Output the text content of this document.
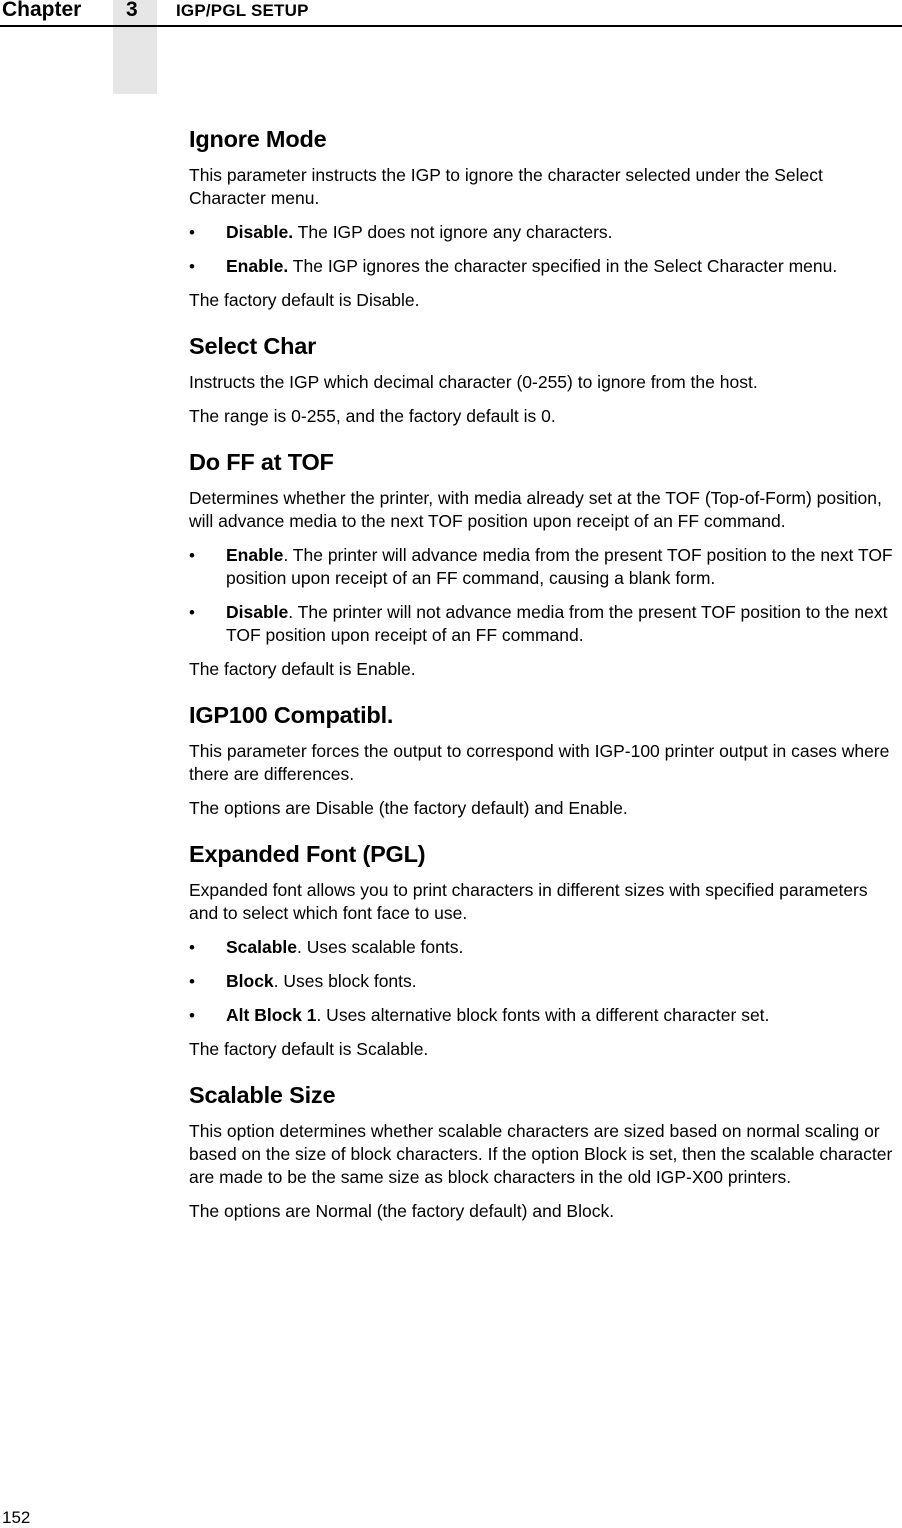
Chapter 3 IGP/PGL SETUP
Ignore Mode
This parameter instructs the IGP to ignore the character selected under the Select Character menu.
• Disable. The IGP does not ignore any characters.
• Enable. The IGP ignores the character specified in the Select Character menu.
The factory default is Disable.
Select Char
Instructs the IGP which decimal character (0-255) to ignore from the host.
The range is 0-255, and the factory default is 0.
Do FF at TOF
Determines whether the printer, with media already set at the TOF (Top-of-Form) position, will advance media to the next TOF position upon receipt of an FF command.
• Enable. The printer will advance media from the present TOF position to the next TOF position upon receipt of an FF command, causing a blank form.
• Disable. The printer will not advance media from the present TOF position to the next TOF position upon receipt of an FF command.
The factory default is Enable.
IGP100 Compatibl.
This parameter forces the output to correspond with IGP-100 printer output in cases where there are differences.
The options are Disable (the factory default) and Enable.
Expanded Font (PGL)
Expanded font allows you to print characters in different sizes with specified parameters and to select which font face to use.
• Scalable. Uses scalable fonts.
• Block. Uses block fonts.
• Alt Block 1. Uses alternative block fonts with a different character set.
The factory default is Scalable.
Scalable Size
This option determines whether scalable characters are sized based on normal scaling or based on the size of block characters. If the option Block is set, then the scalable character are made to be the same size as block characters in the old IGP-X00 printers.
The options are Normal (the factory default) and Block.
152
